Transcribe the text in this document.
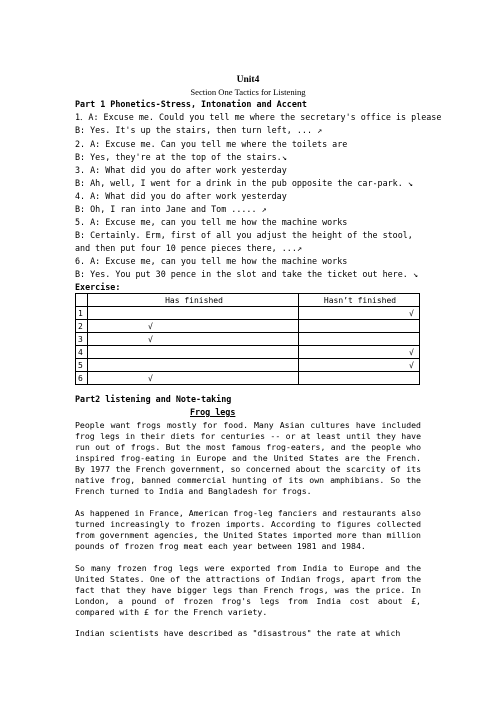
Unit4
Section One Tactics for Listening
Part 1 Phonetics-Stress, Intonation and Accent
1．A: Excuse me. Could you tell me where the secretary's office is please
B: Yes. It's up the stairs, then turn left, ... ↗
2. A: Excuse me. Can you tell me where the toilets are
B: Yes, they're at the top of the stairs.↘
3. A: What did you do after work yesterday
B: Ah, well, I went for a drink in the pub opposite the car-park. ↘
4. A: What did you do after work yesterday
B: Oh, I ran into Jane and Tom ..... ↗
5. A: Excuse me, can you tell me how the machine works
B: Certainly. Erm, first of all you adjust the height of the stool,
and then put four 10 pence pieces there, ...↗
6. A: Excuse me, can you tell me how the machine works
B: Yes. You put 30 pence in the slot and take the ticket out here. ↘
Exercise:
	Has finished	Hasn’t finished
1		√
2	√	
3	√	
4		√
5		√
6	√	
Part2 listening and Note-taking
Frog legs
People want frogs mostly for food. Many Asian cultures have included frog legs in their diets for centuries -- or at least until they have run out of frogs. But the most famous frog-eaters, and the people who inspired frog-eating in Europe and the United States are the French. By 1977 the French government, so concerned about the scarcity of its native frog, banned commercial hunting of its own amphibians. So the French turned to India and Bangladesh for frogs.
As happened in France, American frog-leg fanciers and restaurants also turned increasingly to frozen imports. According to figures collected from government agencies, the United States imported more than million pounds of frozen frog meat each year between 1981 and 1984.
So many frozen frog legs were exported from India to Europe and the United States. One of the attractions of Indian frogs, apart from the fact that they have bigger legs than French frogs, was the price. In London, a pound of frozen frog's legs from India cost about £, compared with £ for the French variety.
Indian scientists have described as "disastrous" the rate at which
